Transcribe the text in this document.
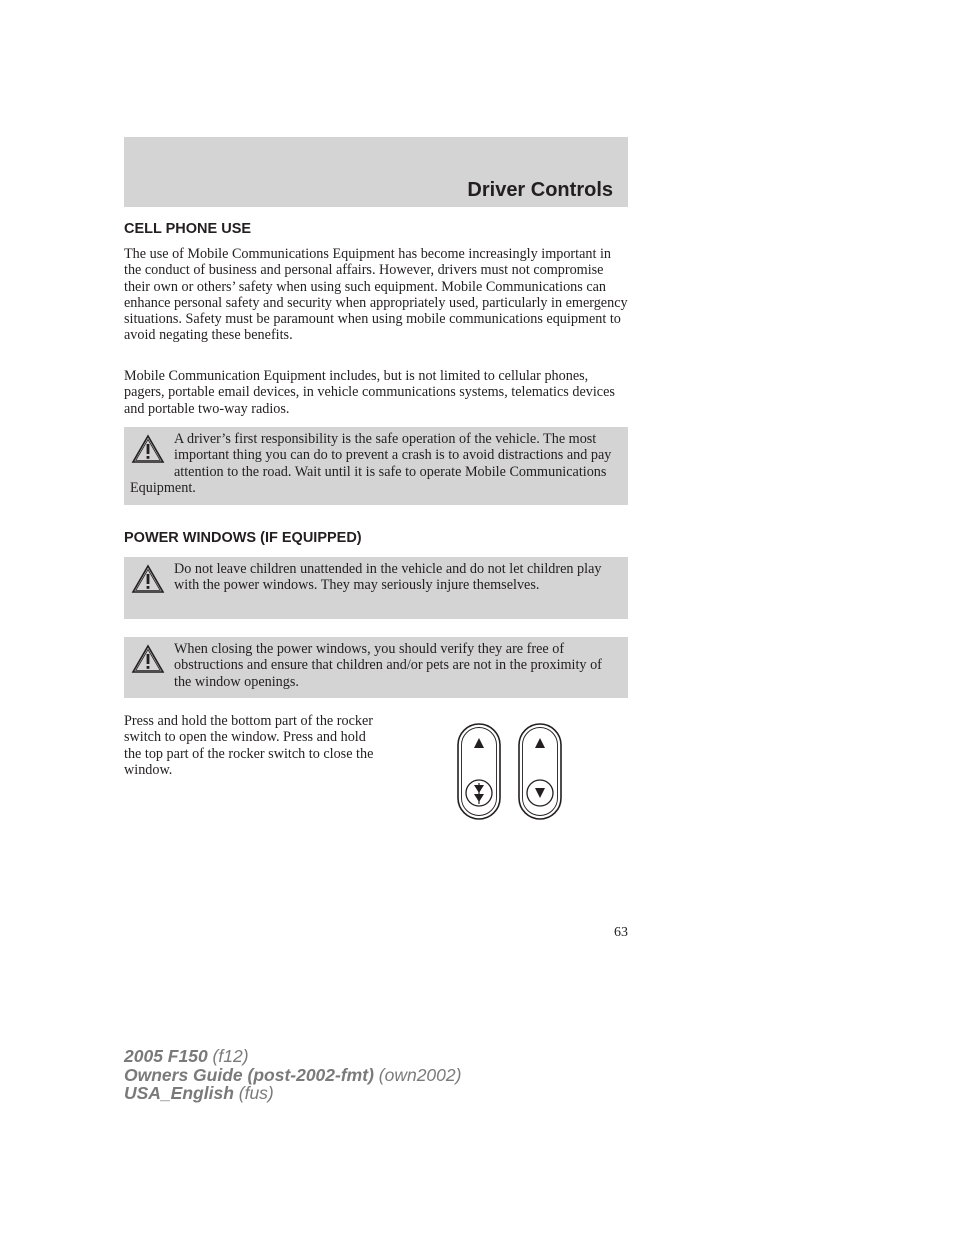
Driver Controls
CELL PHONE USE

The use of Mobile Communications Equipment has become increasingly important in the conduct of business and personal affairs. However, drivers must not compromise their own or others’ safety when using such equipment. Mobile Communications can enhance personal safety and security when appropriately used, particularly in emergency situations. Safety must be paramount when using mobile communications equipment to avoid negating these benefits.

Mobile Communication Equipment includes, but is not limited to cellular phones, pagers, portable email devices, in vehicle communications systems, telematics devices and portable two-way radios.

A driver’s first responsibility is the safe operation of the vehicle. The most important thing you can do to prevent a crash is to avoid distractions and pay attention to the road. Wait until it is safe to operate Mobile Communications Equipment.

POWER WINDOWS (IF EQUIPPED)

Do not leave children unattended in the vehicle and do not let children play with the power windows. They may seriously injure themselves.

When closing the power windows, you should verify they are free of obstructions and ensure that children and/or pets are not in the proximity of the window openings.

Press and hold the bottom part of the rocker switch to open the window. Press and hold the top part of the rocker switch to close the window.

63
2005 F150 (f12)
Owners Guide (post-2002-fmt) (own2002)
USA_English (fus)
